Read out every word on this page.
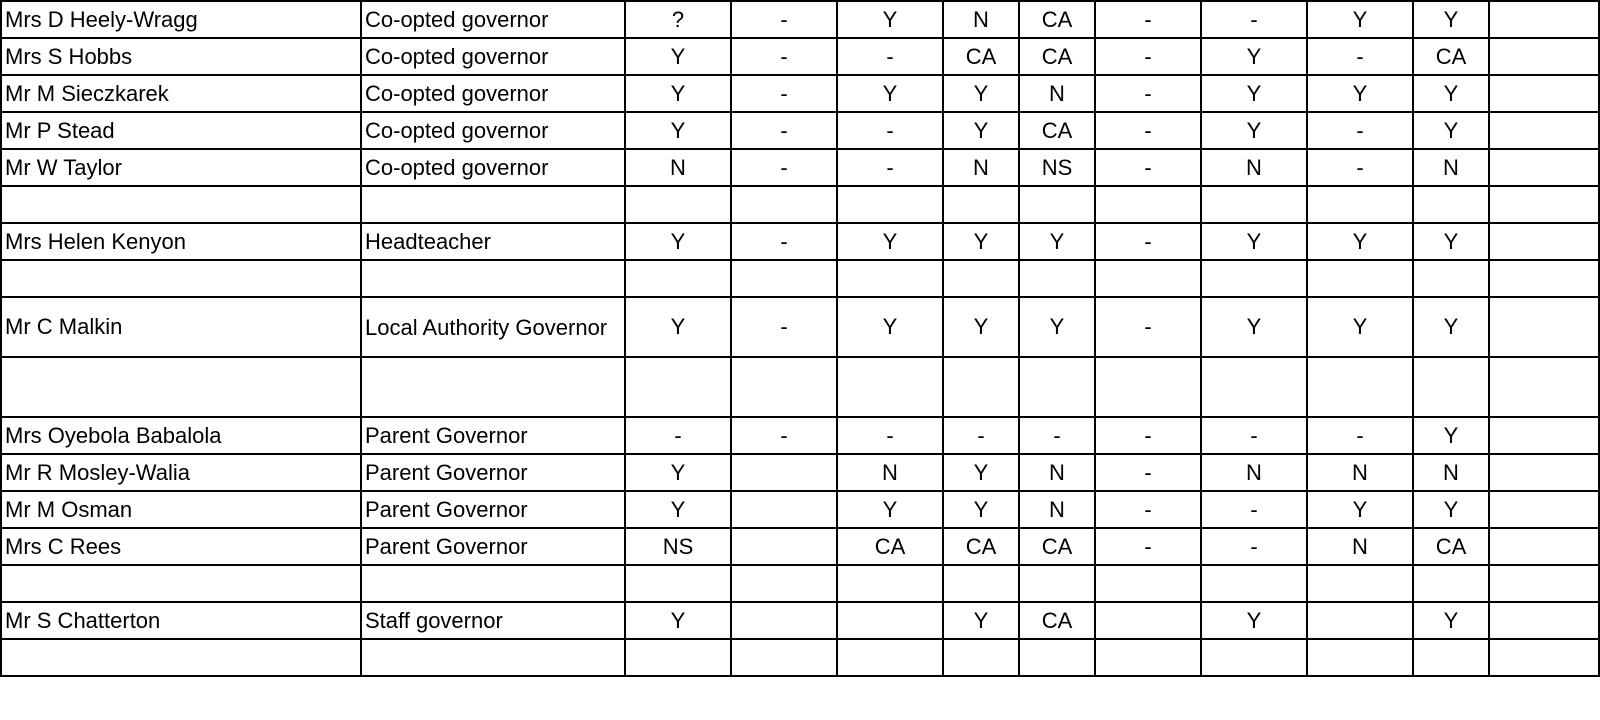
Mrs D Heely-Wragg	Co-opted governor	?	-	Y	N	CA	-	-	Y	Y	
Mrs S Hobbs	Co-opted governor	Y	-	-	CA	CA	-	Y	-	CA	
Mr M Sieczkarek	Co-opted governor	Y	-	Y	Y	N	-	Y	Y	Y	
Mr P Stead	Co-opted governor	Y	-	-	Y	CA	-	Y	-	Y	
Mr W Taylor	Co-opted governor	N	-	-	N	NS	-	N	-	N	

Mrs Helen Kenyon	Headteacher	Y	-	Y	Y	Y	-	Y	Y	Y	

Mr C Malkin	Local Authority Governor	Y	-	Y	Y	Y	-	Y	Y	Y	

Mrs Oyebola Babalola	Parent Governor	-	-	-	-	-	-	-	-	Y	
Mr R Mosley-Walia	Parent Governor	Y		N	Y	N	-	N	N	N	
Mr M Osman	Parent Governor	Y		Y	Y	N	-	-	Y	Y	
Mrs C Rees	Parent Governor	NS		CA	CA	CA	-	-	N	CA	

Mr S Chatterton	Staff governor	Y			Y	CA		Y		Y	
